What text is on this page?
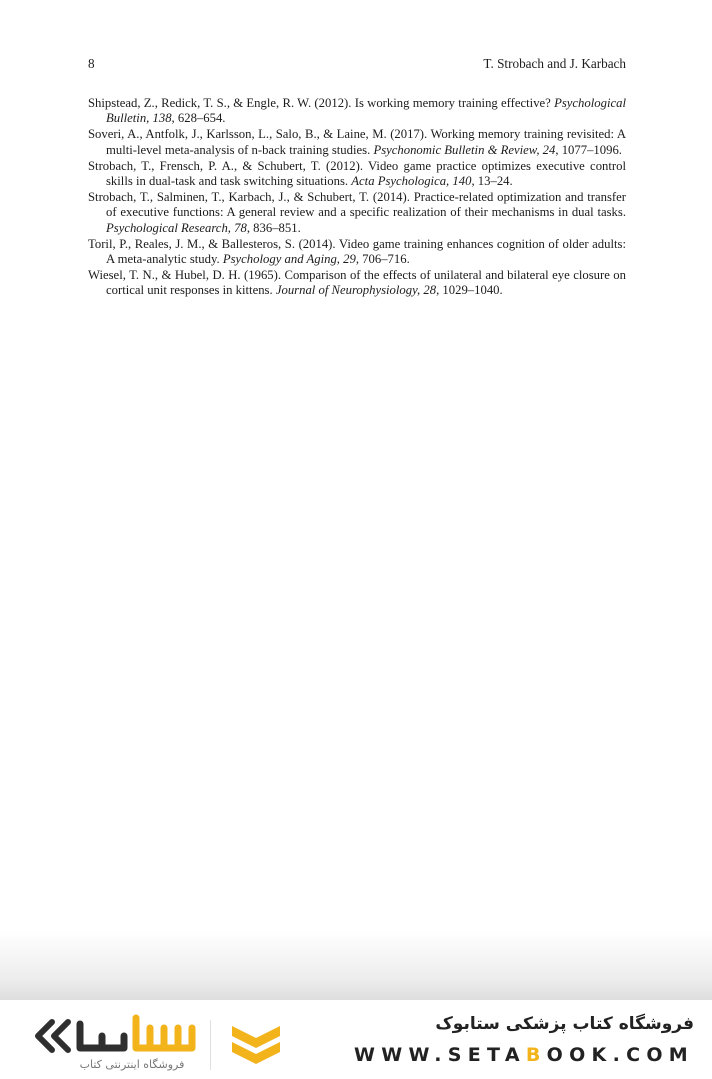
8	T. Strobach and J. Karbach

Shipstead, Z., Redick, T. S., & Engle, R. W. (2012). Is working memory training effective? Psychological Bulletin, 138, 628–654.

Soveri, A., Antfolk, J., Karlsson, L., Salo, B., & Laine, M. (2017). Working memory training revisited: A multi-level meta-analysis of n-back training studies. Psychonomic Bulletin & Review, 24, 1077–1096.

Strobach, T., Frensch, P. A., & Schubert, T. (2012). Video game practice optimizes executive control skills in dual-task and task switching situations. Acta Psychologica, 140, 13–24.

Strobach, T., Salminen, T., Karbach, J., & Schubert, T. (2014). Practice-related optimization and transfer of executive functions: A general review and a specific realization of their mechanisms in dual tasks. Psychological Research, 78, 836–851.

Toril, P., Reales, J. M., & Ballesteros, S. (2014). Video game training enhances cognition of older adults: A meta-analytic study. Psychology and Aging, 29, 706–716.

Wiesel, T. N., & Hubel, D. H. (1965). Comparison of the effects of unilateral and bilateral eye closure on cortical unit responses in kittens. Journal of Neurophysiology, 28, 1029–1040.

فروشگاه اینترنتی کتاب
فروشگاه کتاب پزشکی ستابوک
WWW.SETABOOK.COM
